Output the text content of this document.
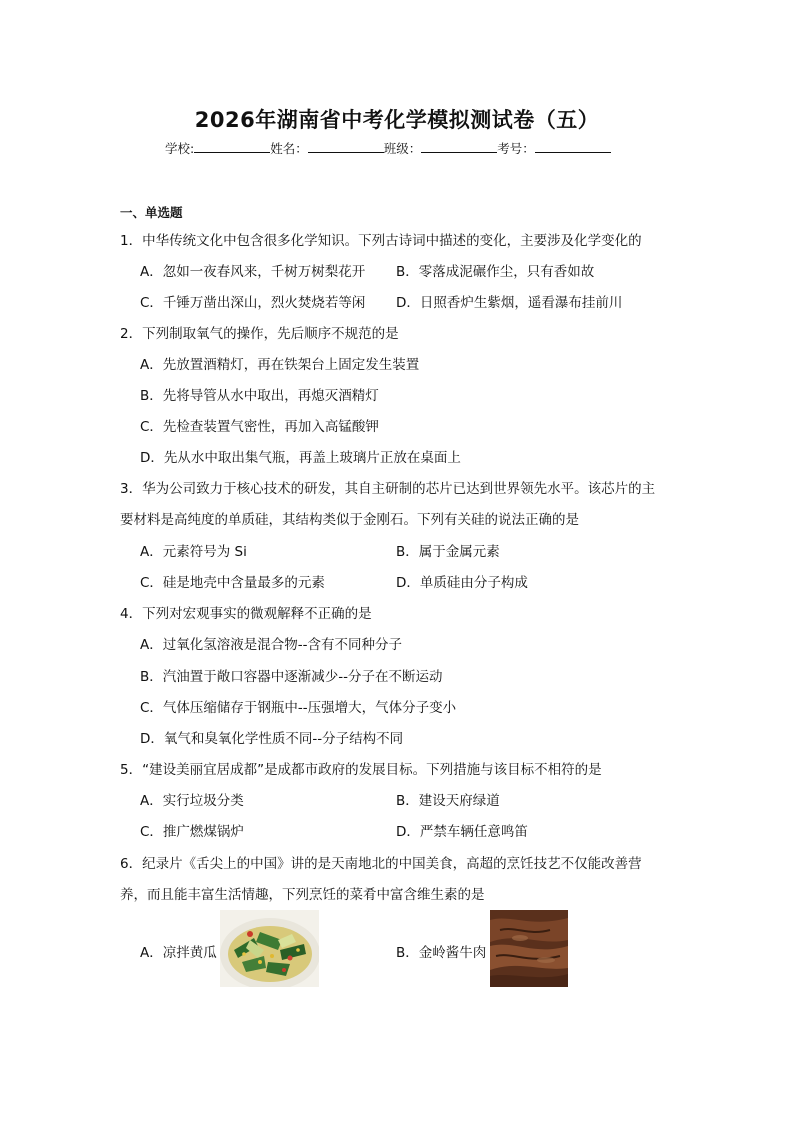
2026年湖南省中考化学模拟测试卷（五）
学校:	姓名：	班级：	考号：
一、单选题
1．中华传统文化中包含很多化学知识。下列古诗词中描述的变化，主要涉及化学变化的
A．忽如一夜春风来，千树万树梨花开 B．零落成泥碾作尘，只有香如故
C．千锤万凿出深山，烈火焚烧若等闲 D．日照香炉生紫烟，遥看瀑布挂前川
2．下列制取氧气的操作，先后顺序不规范的是
A．先放置酒精灯，再在铁架台上固定发生装置
B．先将导管从水中取出，再熄灭酒精灯
C．先检查装置气密性，再加入高锰酸钾
D．先从水中取出集气瓶，再盖上玻璃片正放在桌面上
3．华为公司致力于核心技术的研发，其自主研制的芯片已达到世界领先水平。该芯片的主
要材料是高纯度的单质硅，其结构类似于金刚石。下列有关硅的说法正确的是
A．元素符号为 Si	B．属于金属元素
C．硅是地壳中含量最多的元素	D．单质硅由分子构成
4．下列对宏观事实的微观解释不正确的是
A．过氧化氢溶液是混合物--含有不同种分子
B．汽油置于敞口容器中逐渐减少--分子在不断运动
C．气体压缩储存于钢瓶中--压强增大，气体分子变小
D．氧气和臭氧化学性质不同--分子结构不同
5．“建设美丽宜居成都”是成都市政府的发展目标。下列措施与该目标不相符的是
A．实行垃圾分类	B．建设天府绿道
C．推广燃煤锅炉	D．严禁车辆任意鸣笛
6．纪录片《舌尖上的中国》讲的是天南地北的中国美食，高超的烹饪技艺不仅能改善营
养，而且能丰富生活情趣，下列烹饪的菜肴中富含维生素的是
A．凉拌黄瓜	B．金岭酱牛肉
